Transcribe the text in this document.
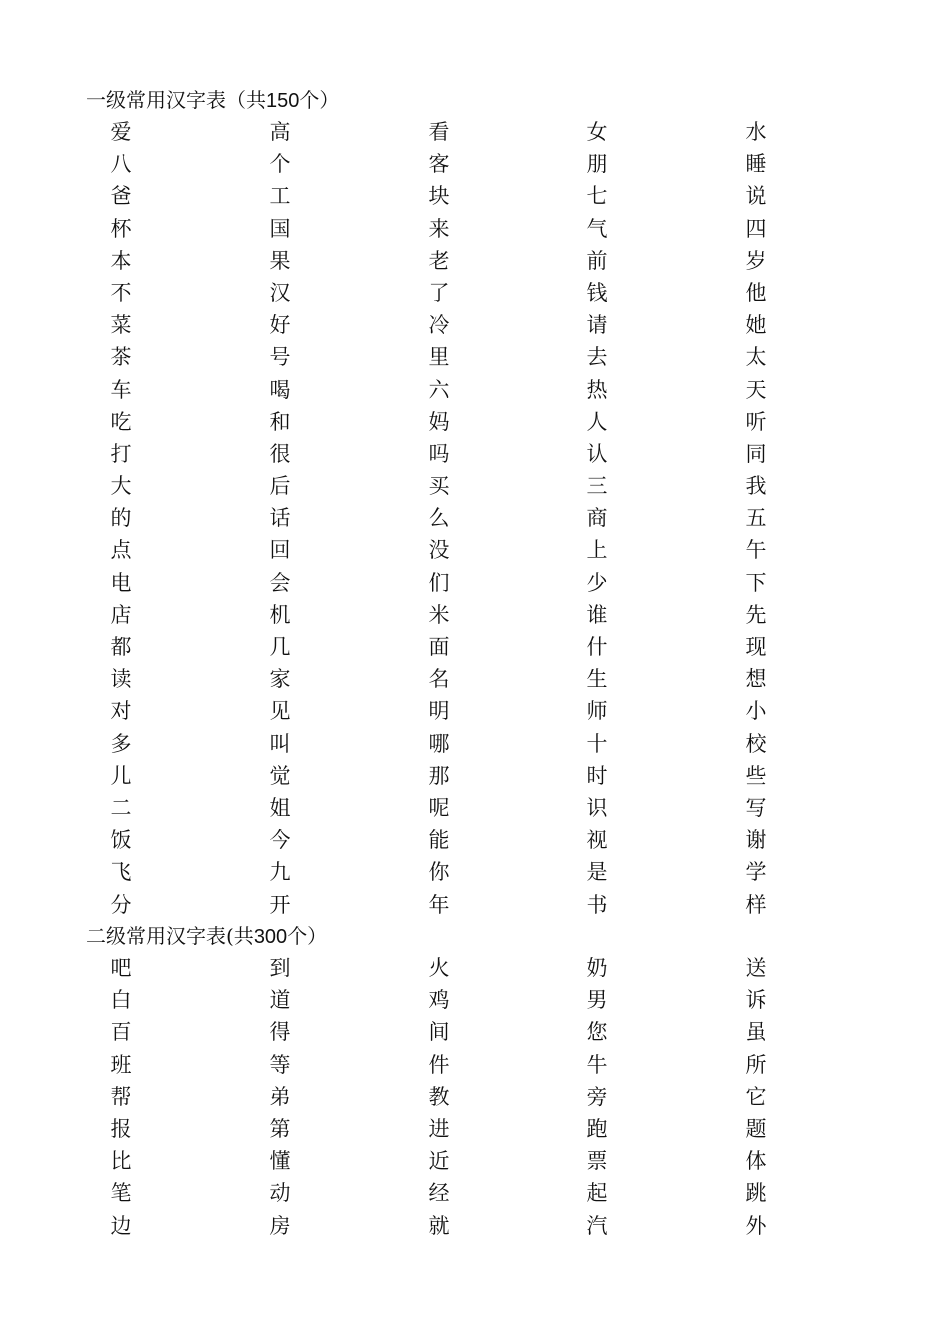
一级常用汉字表（共150个）
爱	高	看	女	水
八	个	客	朋	睡
爸	工	块	七	说
杯	国	来	气	四
本	果	老	前	岁
不	汉	了	钱	他
菜	好	冷	请	她
茶	号	里	去	太
车	喝	六	热	天
吃	和	妈	人	听
打	很	吗	认	同
大	后	买	三	我
的	话	么	商	五
点	回	没	上	午
电	会	们	少	下
店	机	米	谁	先
都	几	面	什	现
读	家	名	生	想
对	见	明	师	小
多	叫	哪	十	校
儿	觉	那	时	些
二	姐	呢	识	写
饭	今	能	视	谢
飞	九	你	是	学
分	开	年	书	样
二级常用汉字表(共300个）
吧	到	火	奶	送
白	道	鸡	男	诉
百	得	间	您	虽
班	等	件	牛	所
帮	弟	教	旁	它
报	第	进	跑	题
比	懂	近	票	体
笔	动	经	起	跳
边	房	就	汽	外
